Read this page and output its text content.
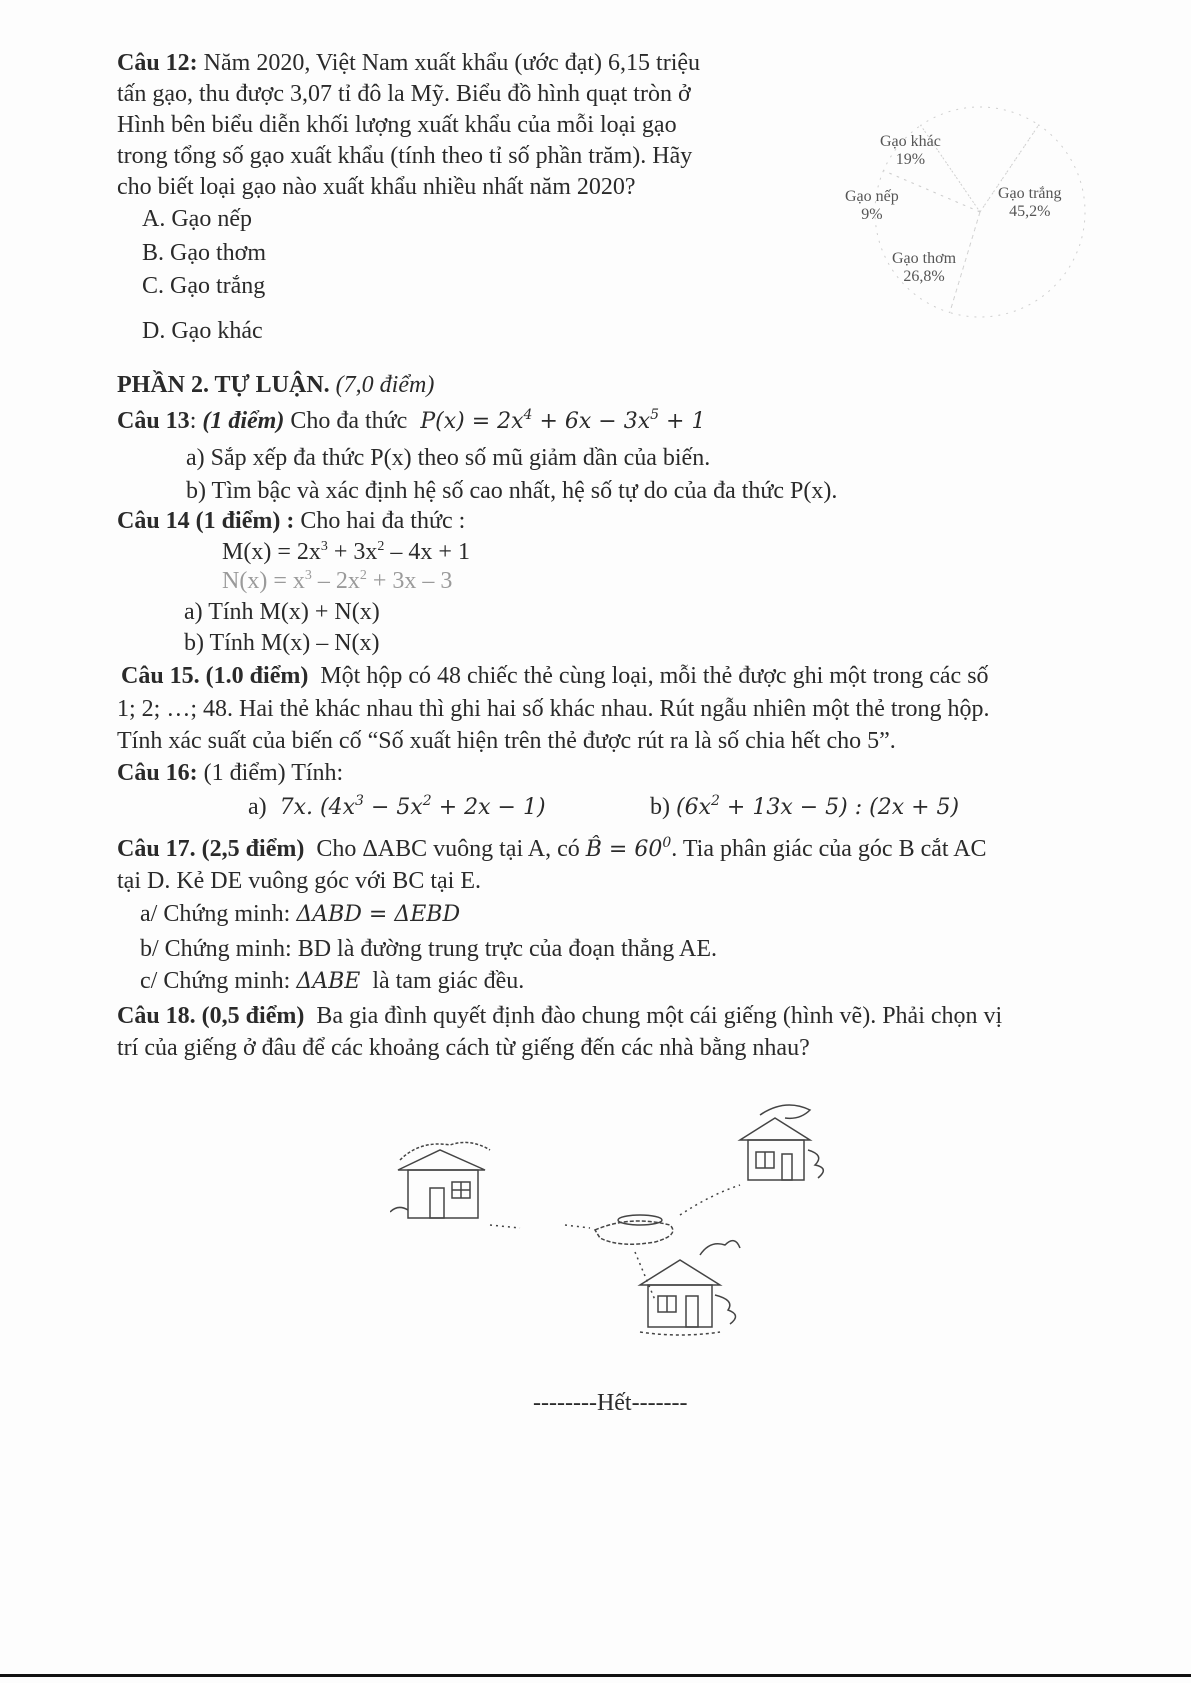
Câu 12: Năm 2020, Việt Nam xuất khẩu (ước đạt) 6,15 triệu
tấn gạo, thu được 3,07 tỉ đô la Mỹ. Biểu đồ hình quạt tròn ở
Hình bên biểu diễn khối lượng xuất khẩu của mỗi loại gạo
trong tổng số gạo xuất khẩu (tính theo tỉ số phần trăm). Hãy
cho biết loại gạo nào xuất khẩu nhiều nhất năm 2020?
A. Gạo nếp
B. Gạo thơm
C. Gạo trắng
D. Gạo khác
Gạo khác
19%
Gạo nếp
9%
Gạo trắng
45,2%
Gạo thơm
26,8%
PHẦN 2. TỰ LUẬN. (7,0 điểm)
Câu 13: (1 điểm) Cho đa thức  $P(x) = 2x^4 + 6x - 3x^5 + 1$
a) Sắp xếp đa thức P(x) theo số mũ giảm dần của biến.
b) Tìm bậc và xác định hệ số cao nhất, hệ số tự do của đa thức P(x).
Câu 14 (1 điểm) : Cho hai đa thức :
$M(x) = 2x^3 + 3x^2 - 4x + 1$
$N(x) = x^3 - 2x^2 + 3x - 3$
a) Tính M(x) + N(x)
b) Tính M(x) – N(x)
Câu 15. (1.0 điểm) Một hộp có 48 chiếc thẻ cùng loại, mỗi thẻ được ghi một trong các số
1; 2; …; 48. Hai thẻ khác nhau thì ghi hai số khác nhau. Rút ngẫu nhiên một thẻ trong hộp.
Tính xác suất của biến cố “Số xuất hiện trên thẻ được rút ra là số chia hết cho 5”.
Câu 16: (1 điểm) Tính:
a)  7x. $(4x^3 - 5x^2 + 2x - 1)$	b) $(6x^2 + 13x - 5)$ : (2x + 5)
Câu 17. (2,5 điểm) Cho ΔABC vuông tại A, có B̂ = $60^0$. Tia phân giác của góc B cắt AC
tại D. Kẻ DE vuông góc với BC tại E.
a/ Chứng minh: ΔABD = ΔEBD
b/ Chứng minh: BD là đường trung trực của đoạn thẳng AE.
c/ Chứng minh: ΔABE là tam giác đều.
Câu 18. (0,5 điểm) Ba gia đình quyết định đào chung một cái giếng (hình vẽ). Phải chọn vị
trí của giếng ở đâu để các khoảng cách từ giếng đến các nhà bằng nhau?
--------Hết-------
